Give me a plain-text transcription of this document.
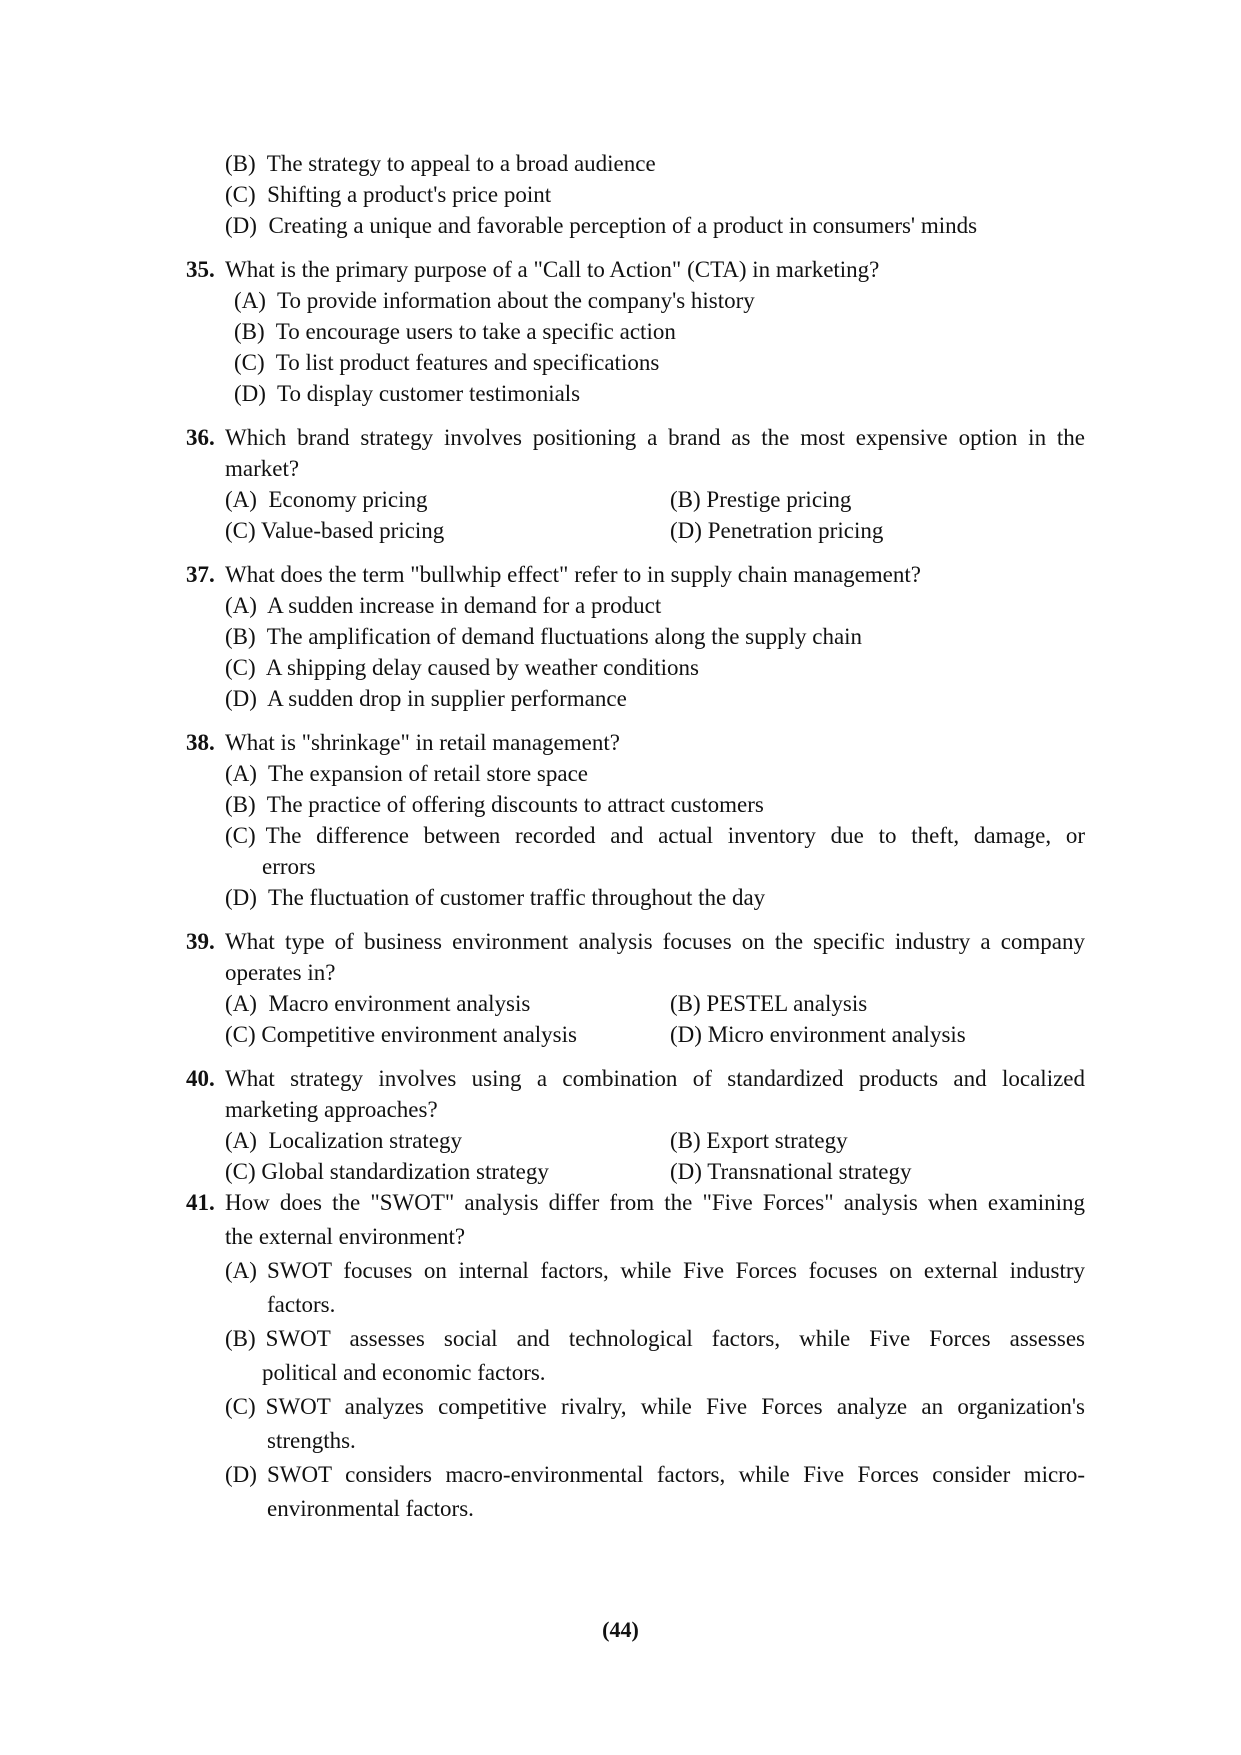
(B) The strategy to appeal to a broad audience
(C) Shifting a product's price point
(D) Creating a unique and favorable perception of a product in consumers' minds
35. What is the primary purpose of a "Call to Action" (CTA) in marketing?
(A) To provide information about the company's history
(B) To encourage users to take a specific action
(C) To list product features and specifications
(D) To display customer testimonials
36. Which brand strategy involves positioning a brand as the most expensive option in the
market?
(A) Economy pricing	(B) Prestige pricing
(C) Value-based pricing	(D) Penetration pricing
37. What does the term "bullwhip effect" refer to in supply chain management?
(A) A sudden increase in demand for a product
(B) The amplification of demand fluctuations along the supply chain
(C) A shipping delay caused by weather conditions
(D) A sudden drop in supplier performance
38. What is "shrinkage" in retail management?
(A) The expansion of retail store space
(B) The practice of offering discounts to attract customers
(C) The difference between recorded and actual inventory due to theft, damage, or
errors
(D) The fluctuation of customer traffic throughout the day
39. What type of business environment analysis focuses on the specific industry a company
operates in?
(A) Macro environment analysis	(B) PESTEL analysis
(C) Competitive environment analysis	(D) Micro environment analysis
40. What strategy involves using a combination of standardized products and localized
marketing approaches?
(A) Localization strategy	(B) Export strategy
(C) Global standardization strategy	(D) Transnational strategy
41. How does the "SWOT" analysis differ from the "Five Forces" analysis when examining
the external environment?
(A) SWOT focuses on internal factors, while Five Forces focuses on external industry
factors.
(B) SWOT assesses social and technological factors, while Five Forces assesses
political and economic factors.
(C) SWOT analyzes competitive rivalry, while Five Forces analyze an organization's
strengths.
(D) SWOT considers macro-environmental factors, while Five Forces consider micro-
environmental factors.
(44)
